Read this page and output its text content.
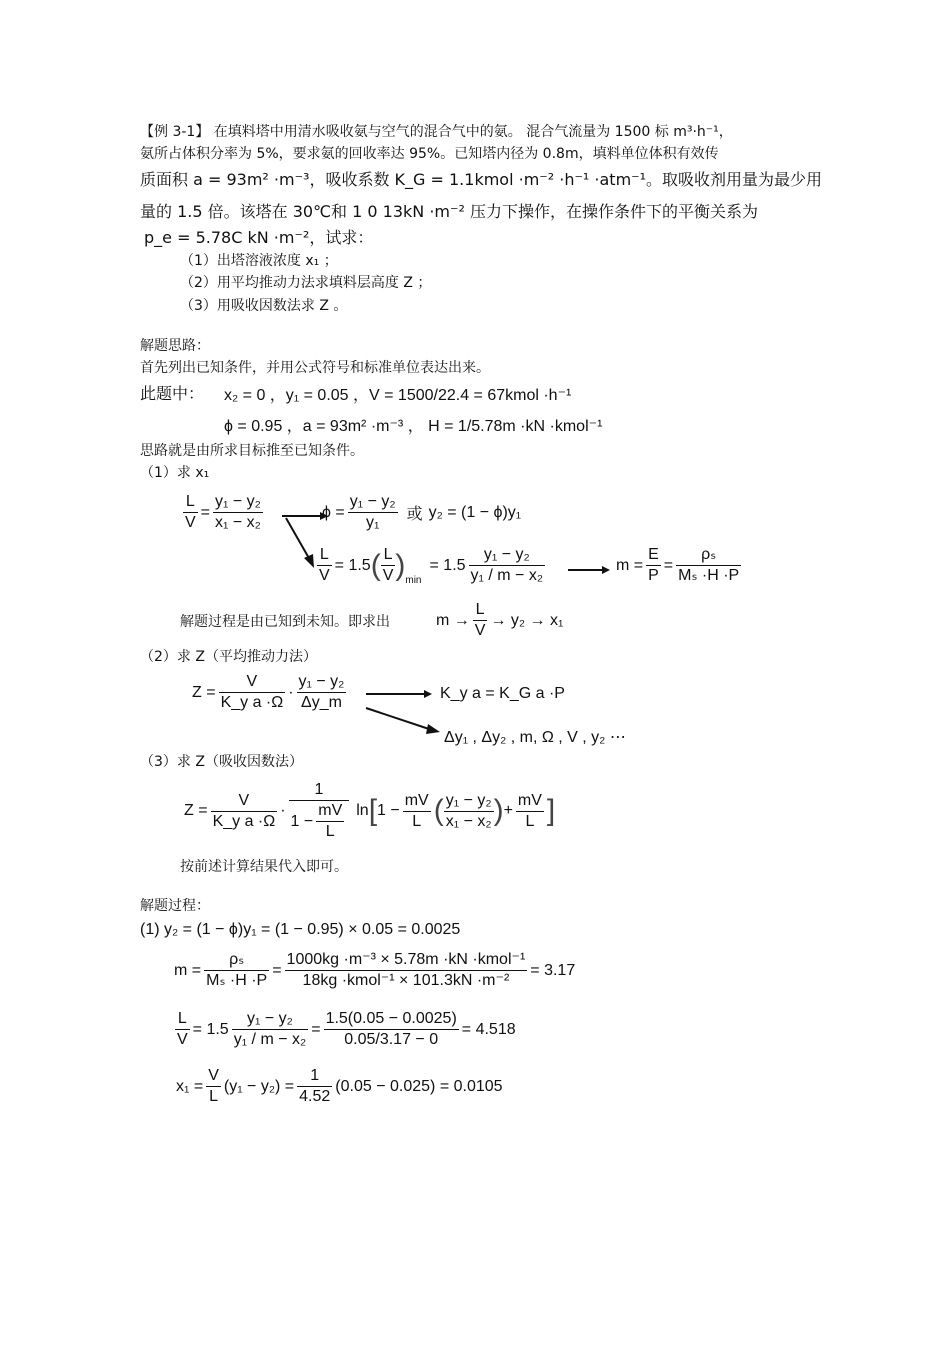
【例 3-1】 在填料塔中用清水吸收氨与空气的混合气中的氨。 混合气流量为 1500 标 m³·h⁻¹，
氨所占体积分率为 5%，要求氨的回收率达 95%。已知塔内径为 0.8m，填料单位体积有效传
质面积 a = 93m² ·m⁻³，吸收系数 K_G = 1.1kmol ·m⁻² ·h⁻¹ ·atm⁻¹。取吸收剂用量为最少用
量的 1.5 倍。该塔在 30℃和 1 0 13kN ·m⁻² 压力下操作，在操作条件下的平衡关系为
p_e = 5.78C kN ·m⁻²，试求：
（1）出塔溶液浓度 x₁ ；
（2）用平均推动力法求填料层高度 Z ；
（3）用吸收因数法求 Z 。
解题思路：
首先列出已知条件，并用公式符号和标准单位表达出来。
此题中： x₂ = 0 ，y₁ = 0.05 ，V = 1500/22.4 = 67kmol ·h⁻¹
ϕ = 0.95 ，a = 93m² ·m⁻³ ， H = 1/5.78m ·kN ·kmol⁻¹
思路就是由所求目标推至已知条件。
（1）求 x₁
$\frac{L}{V} = \frac{\text{y₁ − y₂}}{\text{x₁ − x₂}}$	$\phi = \frac{\text{y₁ − y₂}}{\text{y₁}}$ 或 y₂ = (1 − ϕ)y₁
$\frac{L}{V} = 1.5$ ( $\frac{L}{V}$ ) min
= $1.5 \frac{\text{y₁ − y₂}}{\text{y₁ / m − x₂}}$	$m = \frac{E}{P} = \frac{\text{ρₛ}}{\text{Mₛ ·H ·P}}$
解题过程是由已知到未知。即求出	$m \to \frac{L}{V} \to y_2 \to x_1$
（2）求 Z（平均推动力法）
$Z = \frac{V}{\text{K\_y a ·Ω}} \cdot \frac{\text{y₁ − y₂}}{\Delta y\_m}$	K_y a = K_G a ·P
Δy₁ , Δy₂ , m, Ω , V , y₂ ⋯
（3）求 Z（吸收因数法）
$Z = \frac{V}{\text{K\_y a ·Ω}} \cdot \frac{1}{1 - \frac{mV}{L}}$ ln [ $1 - \frac{mV}{L}$ ( $\frac{\text{y₁ − y₂}}{\text{x₁ − x₂}}$ ) + $\frac{mV}{L}$ ]
按前述计算结果代入即可。
解题过程：
(1) y₂ = (1 − ϕ)y₁ = (1 − 0.95) × 0.05 = 0.0025
$m = \frac{\text{ρₛ}}{\text{Mₛ ·H ·P}} = \frac{\text{1000kg ·m⁻³ × 5.78m ·kN ·kmol⁻¹}}{\text{18kg ·kmol⁻¹ × 101.3kN ·m⁻²}} = 3.17$
$\frac{L}{V} = 1.5 \frac{\text{y₁ − y₂}}{\text{y₁ / m − x₂}} = \frac{1.5(0.05 - 0.0025)}{0.05/3.17 - 0} = 4.518$
$x_1 = \frac{V}{L} (y_1 - y_2) = \frac{1}{4.52} (0.05 - 0.025) = 0.0105$
